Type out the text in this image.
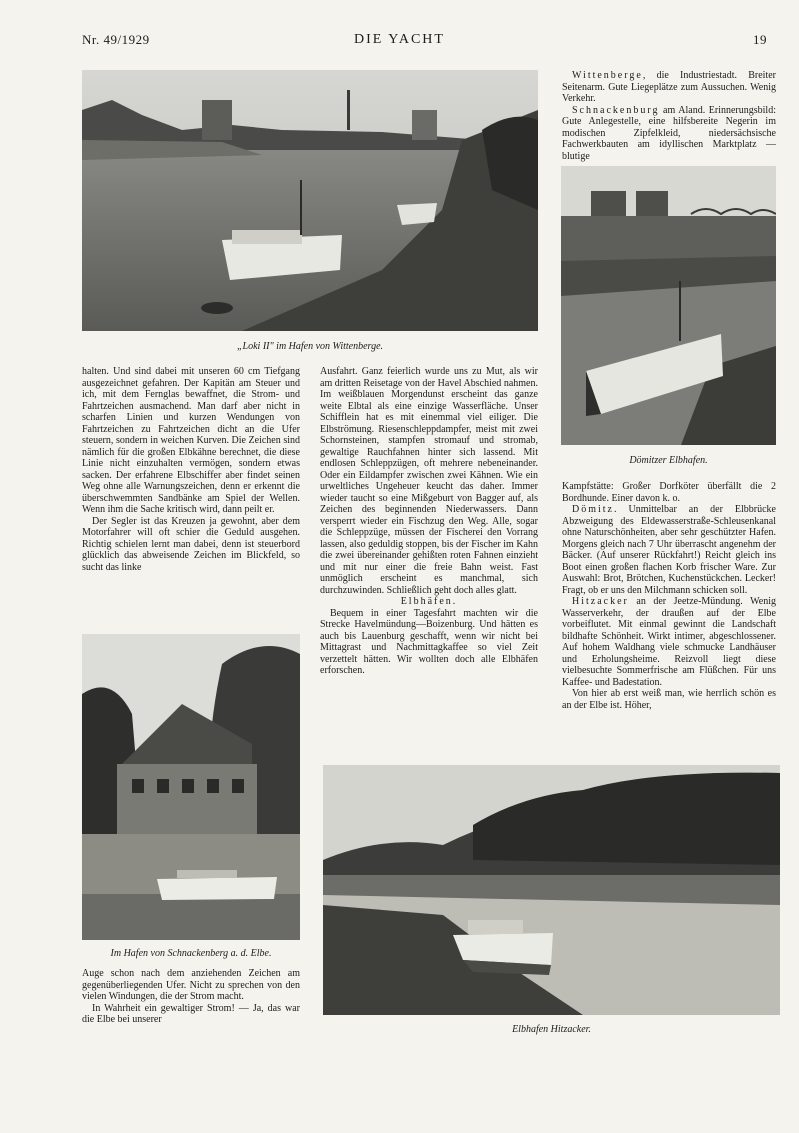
Nr. 49/1929	DIE YACHT	19
„Loki II" im Hafen von Wittenberge.

halten. Und sind dabei mit unseren 60 cm Tiefgang ausgezeichnet gefahren. Der Kapitän am Steuer und ich, mit dem Fernglas bewaffnet, die Strom- und Fahrtzeichen ausmachend. Man darf aber nicht in scharfen Linien und kurzen Wendungen von Fahrtzeichen zu Fahrtzeichen dicht an die Ufer steuern, sondern in weichen Kurven. Die Zeichen sind nämlich für die großen Elbkähne berechnet, die diese Linie nicht einzuhalten vermögen, sondern etwas sacken. Der erfahrene Elbschiffer aber findet seinen Weg ohne alle Warnungszeichen, denn er erkennt die überschwemmten Sandbänke am Spiel der Wellen. Wenn ihm die Sache kritisch wird, dann peilt er.

Der Segler ist das Kreuzen ja gewohnt, aber dem Motorfahrer will oft schier die Geduld ausgehen. Richtig schielen lernt man dabei, denn ist steuerbord glücklich das abweisende Zeichen im Blickfeld, so sucht das linke

Im Hafen von Schnackenberg a. d. Elbe.

Auge schon nach dem anziehenden Zeichen am gegenüberliegenden Ufer. Nicht zu sprechen von den vielen Windungen, die der Strom macht.

In Wahrheit ein gewaltiger Strom! — Ja, das war die Elbe bei unserer

Ausfahrt. Ganz feierlich wurde uns zu Mut, als wir am dritten Reisetage von der Havel Abschied nahmen. Im weißblauen Morgendunst erscheint das ganze weite Elbtal als eine einzige Wasserfläche. Unser Schifflein hat es mit einemmal viel eiliger. Die Elbströmung. Riesenschleppdampfer, meist mit zwei Schornsteinen, stampfen stromauf und stromab, gewaltige Rauchfahnen hinter sich lassend. Mit endlosen Schleppzügen, oft mehrere nebeneinander. Oder ein Eildampfer zwischen zwei Kähnen. Wie ein urweltliches Ungeheuer keucht das daher. Immer wieder taucht so eine Mißgeburt von Bagger auf, als Zeichen des beginnenden Niederwassers. Dann versperrt wieder ein Fischzug den Weg. Alle, sogar die Schleppzüge, müssen der Fischerei den Vorrang lassen, also geduldig stoppen, bis der Fischer im Kahn die zwei übereinander gehißten roten Fahnen einzieht und mit nur einer die freie Bahn weist. Fast unmöglich erscheint es manchmal, sich durchzuwinden. Schließlich geht doch alles glatt.

Elbhäfen.

Bequem in einer Tagesfahrt machten wir die Strecke Havelmündung—Boizenburg. Und hätten es auch bis Lauenburg geschafft, wenn wir nicht bei Mittagrast und Nachmittagkaffee so viel Zeit verzettelt hätten. Wir wollten doch alle Elbhäfen erforschen.

Wittenberge, die Industriestadt. Breiter Seitenarm. Gute Liegeplätze zum Aussuchen. Wenig Verkehr.

Schnackenburg am Aland. Erinnerungsbild: Gute Anlegestelle, eine hilfsbereite Negerin im modischen Zipfelkleid, niedersächsische Fachwerkbauten am idyllischen Marktplatz — blutige

Dömitzer Elbhafen.

Kampfstätte: Großer Dorfköter überfällt die 2 Bordhunde. Einer davon k. o.

Dömitz. Unmittelbar an der Elbbrücke Abzweigung des Eldewasserstraße-Schleusenkanal ohne Naturschönheiten, aber sehr geschützter Hafen. Morgens gleich nach 7 Uhr überrascht angenehm der Bäcker. (Auf unserer Rückfahrt!) Reicht gleich ins Boot einen großen flachen Korb frischer Ware. Zur Auswahl: Brot, Brötchen, Kuchenstückchen. Lecker! Fragt, ob er uns den Milchmann schicken soll.

Hitzacker an der Jeetze-Mündung. Wenig Wasserverkehr, der draußen auf der Elbe vorbeiflutet. Mit einmal gewinnt die Landschaft bildhafte Schönheit. Wirkt intimer, abgeschlossener. Auf hohem Waldhang viele schmucke Landhäuser und Erholungsheime. Reizvoll liegt diese vielbesuchte Sommerfrische am Flüßchen. Für uns Kaffee- und Badestation.

Von hier ab erst weiß man, wie herrlich schön es an der Elbe ist. Höher,

Elbhafen Hitzacker.
